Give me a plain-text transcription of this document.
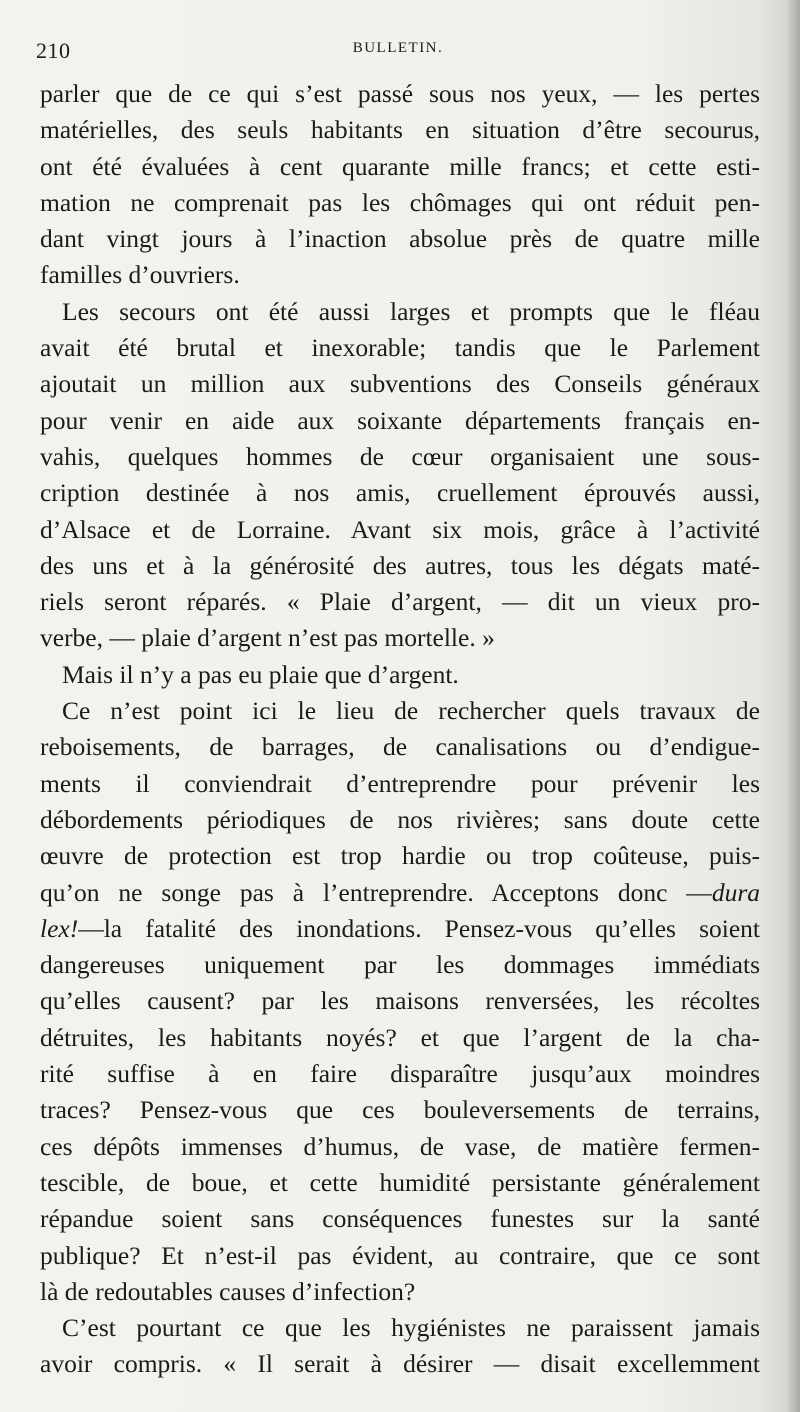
210	BULLETIN.
parler que de ce qui s’est passé sous nos yeux, — les pertes
matérielles, des seuls habitants en situation d’être secourus,
ont été évaluées à cent quarante mille francs; et cette esti-
mation ne comprenait pas les chômages qui ont réduit pen-
dant vingt jours à l’inaction absolue près de quatre mille
familles d’ouvriers.
Les secours ont été aussi larges et prompts que le fléau
avait été brutal et inexorable; tandis que le Parlement
ajoutait un million aux subventions des Conseils généraux
pour venir en aide aux soixante départements français en-
vahis, quelques hommes de cœur organisaient une sous-
cription destinée à nos amis, cruellement éprouvés aussi,
d’Alsace et de Lorraine. Avant six mois, grâce à l’activité
des uns et à la générosité des autres, tous les dégats maté-
riels seront réparés. « Plaie d’argent, — dit un vieux pro-
verbe, — plaie d’argent n’est pas mortelle. »
Mais il n’y a pas eu plaie que d’argent.
Ce n’est point ici le lieu de rechercher quels travaux de
reboisements, de barrages, de canalisations ou d’endigue-
ments il conviendrait d’entreprendre pour prévenir les
débordements périodiques de nos rivières; sans doute cette
œuvre de protection est trop hardie ou trop coûteuse, puis-
qu’on ne songe pas à l’entreprendre. Acceptons donc —dura
lex!—la fatalité des inondations. Pensez-vous qu’elles soient
dangereuses uniquement par les dommages immédiats
qu’elles causent? par les maisons renversées, les récoltes
détruites, les habitants noyés? et que l’argent de la cha-
rité suffise à en faire disparaître jusqu’aux moindres
traces? Pensez-vous que ces bouleversements de terrains,
ces dépôts immenses d’humus, de vase, de matière fermen-
tescible, de boue, et cette humidité persistante généralement
répandue soient sans conséquences funestes sur la santé
publique? Et n’est-il pas évident, au contraire, que ce sont
là de redoutables causes d’infection?
C’est pourtant ce que les hygiénistes ne paraissent jamais
avoir compris. « Il serait à désirer — disait excellemment
